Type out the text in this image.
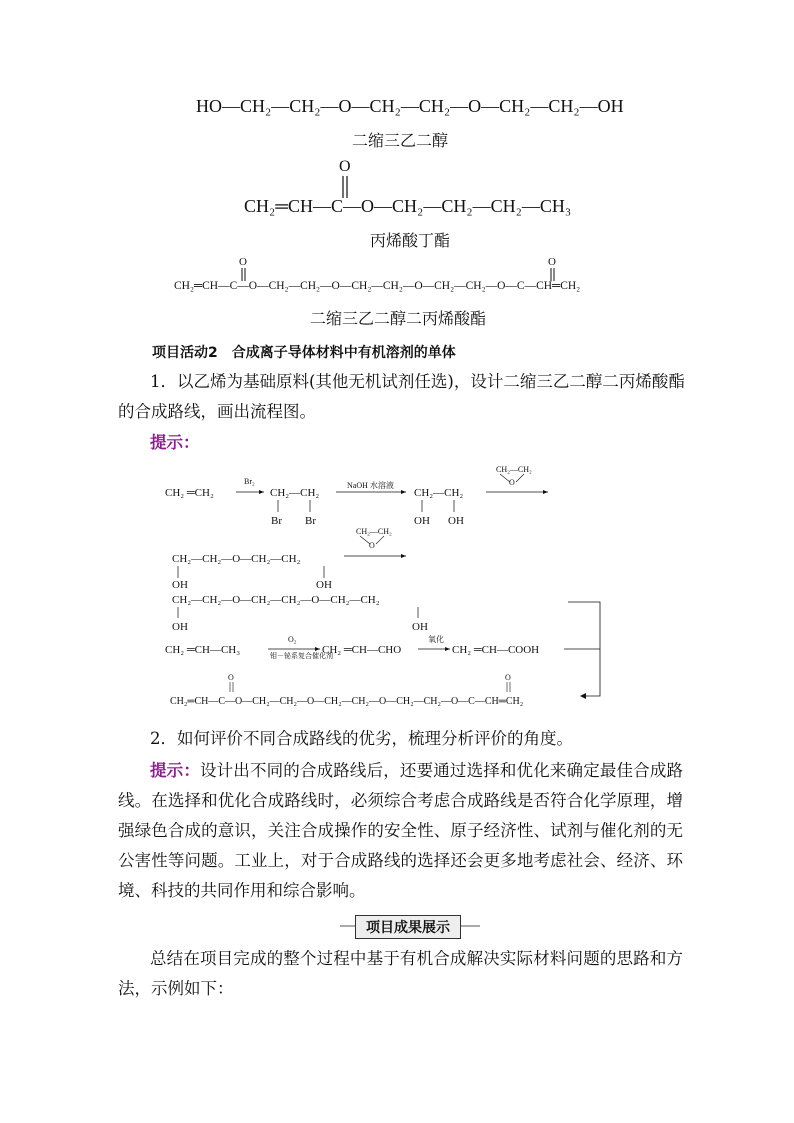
HO—CH₂—CH₂—O—CH₂—CH₂—O—CH₂—CH₂—OH
二缩三乙二醇
O
CH₂═CH—C—O—CH₂—CH₂—CH₂—CH₃
丙烯酸丁酯
O	O
CH₂═CH—C—O—CH₂—CH₂—O—CH₂—CH₂—O—CH₂—CH₂—O—C—CH═CH₂
二缩三乙二醇二丙烯酸酯
项目活动2　合成离子导体材料中有机溶剂的单体
1．以乙烯为基础原料(其他无机试剂任选)，设计二缩三乙二醇二丙烯酸酯
的合成路线，画出流程图。
提示：
CH₂ ═CH₂
Br₂
CH₂—CH₂
Br Br
NaOH 水溶液
CH₂—CH₂
OH OH
CH₂—CH₂
O
CH₂—CH₂—O—CH₂—CH₂
OH	OH
CH₂—CH₂
O
CH₂—CH₂—O—CH₂—CH₂—O—CH₂—CH₂
OH	OH
CH₂ ═CH—CH₃
O₂
钼－铋系复合催化剂
CH₂ ═CH—CHO
氧化
CH₂ ═CH—COOH
O	O
CH₂═CH—C—O—CH₂—CH₂—O—CH₂—CH₂—O—CH₂—CH₂—O—C—CH═CH₂
2．如何评价不同合成路线的优劣，梳理分析评价的角度。
提示：设计出不同的合成路线后，还要通过选择和优化来确定最佳合成路线。在选择和优化合成路线时，必须综合考虑合成路线是否符合化学原理，增强绿色合成的意识，关注合成操作的安全性、原子经济性、试剂与催化剂的无公害性等问题。工业上，对于合成路线的选择还会更多地考虑社会、经济、环境、科技的共同作用和综合影响。
项目成果展示
总结在项目完成的整个过程中基于有机合成解决实际材料问题的思路和方法，示例如下：
